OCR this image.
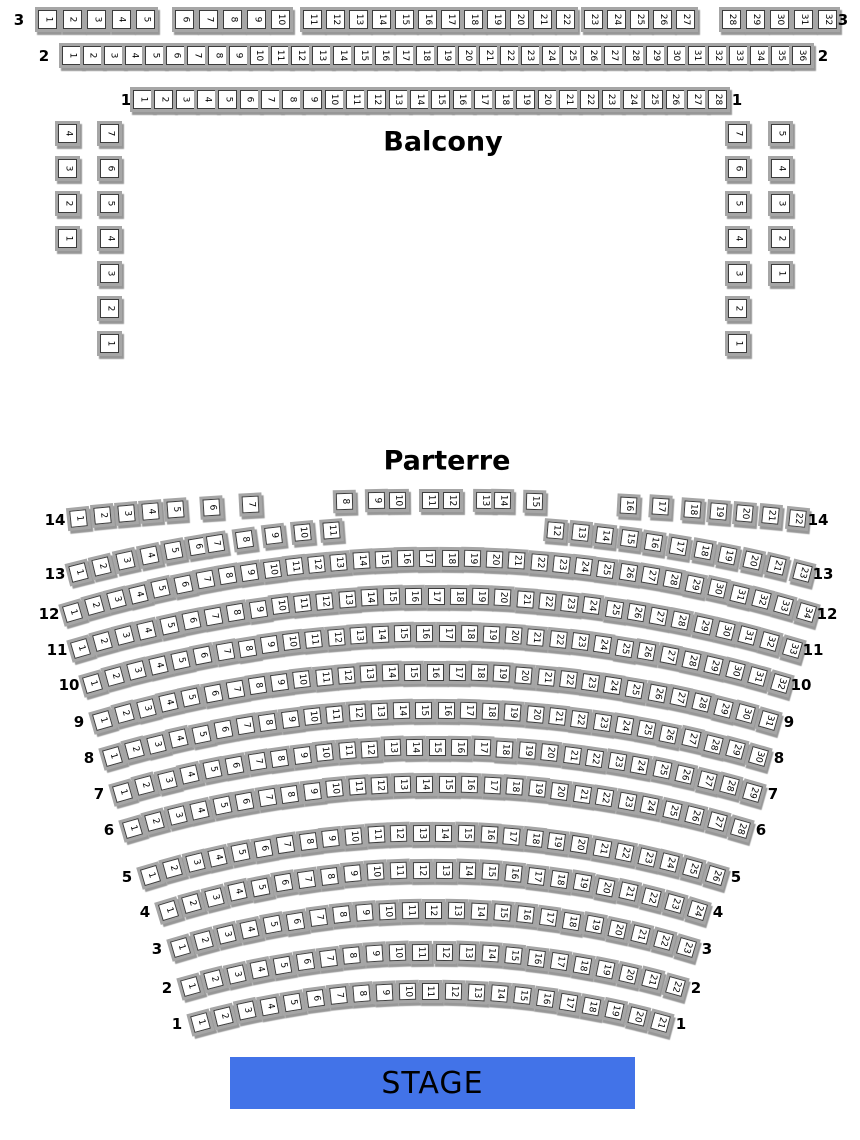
Balcony
Parterre
STAGE
3 1 2 3 4 5	6 7 8 9 10 11 12 13 14 15 16 17 18 19 20 21 22 23 24 25 26 27	28 29 30 31 32 3
2 1 2 3 4 5 6 7 8 9 10 11 12 13 14 15 16 17 18 19 20 21 22 23 24 25 26 27 28 29 30 31 32 33 34 35 36 2
1 1 2 3 4 5 6 7 8 9 10 11 12 13 14 15 16 17 18 19 20 21 22 23 24 25 26 27 28 1
4
3
2
1
7
6
5
4
3
2
1
7
6
5
4
3
2
1
5
4
3
2
1
14 1 2 3 4 5	6	7
8 9 10 11 12 13 14 15	16 17 18 19 20 21 22 14
13 1
2
3
4
5
6 7
8
9 10 11	12 13 14 15 16 17 18 19 20 21 23 13
12 1
2
3
4
5
6
7
8 9 10 11 12 13 14 15 16 17 18 19 20 21 22 23 24 25 26 27 28 29 30 31 32 33 34 12
11 1
2
3
4
5
6
7
8 9 10 11 12 13 14 15 16 17 18 19 20 21 22 23 24 25 26 27 28 29 30 31 32 33 11
10 1
2
3
4
5
6
7
8 9 10 11 12 13 14 15 16 17 18 19 20 21 22 23 24 25 26 27 28 29 30 31 32 10
9 1
2
3
4
5
6
7 8 9 10 11 12 13 14 15 16 17 18 19 20 21 22 23 24 25 26 27 28 29 30 31 9
8 1
2
3
4
5
6
7 8 9 10 11 12 13 14 15 16 17 18 19 20 21 22 23 24 25 26 27 28 29 30 8
7 1
2
3
4
5
6
7 8 9 10 11 12 13 14 15 16 17 18 19 20 21 22 23 24 25 26 27 28 29 7
6 1
2
3
4
5
6
7 8 9 10 11 12 13 14 15 16 17 18 19 20 21 22 23 24 25 26 27 28 6
5 1
2
3
4
5
6
7 8 9 10 11 12 13 14 15 16 17 18 19 20 21 22 23 24 25 26 5
4 1
2
3
4
5
6 7 8 9 10 11 12 13 14 15 16 17 18 19 20 21 22 23 24 4
3 1
2
3
4
5
6 7 8 9 10 11 12 13 14 15 16 17 18 19 20 21 22 23 3
2 1
2
3
4
5 6 7 8 9 10 11 12 13 14 15 16 17 18 19 20 21 22 2
1 1
2
3
4
5 6 7 8 9 10 11 12 13 14 15 16 17 18 19 20 21 1
